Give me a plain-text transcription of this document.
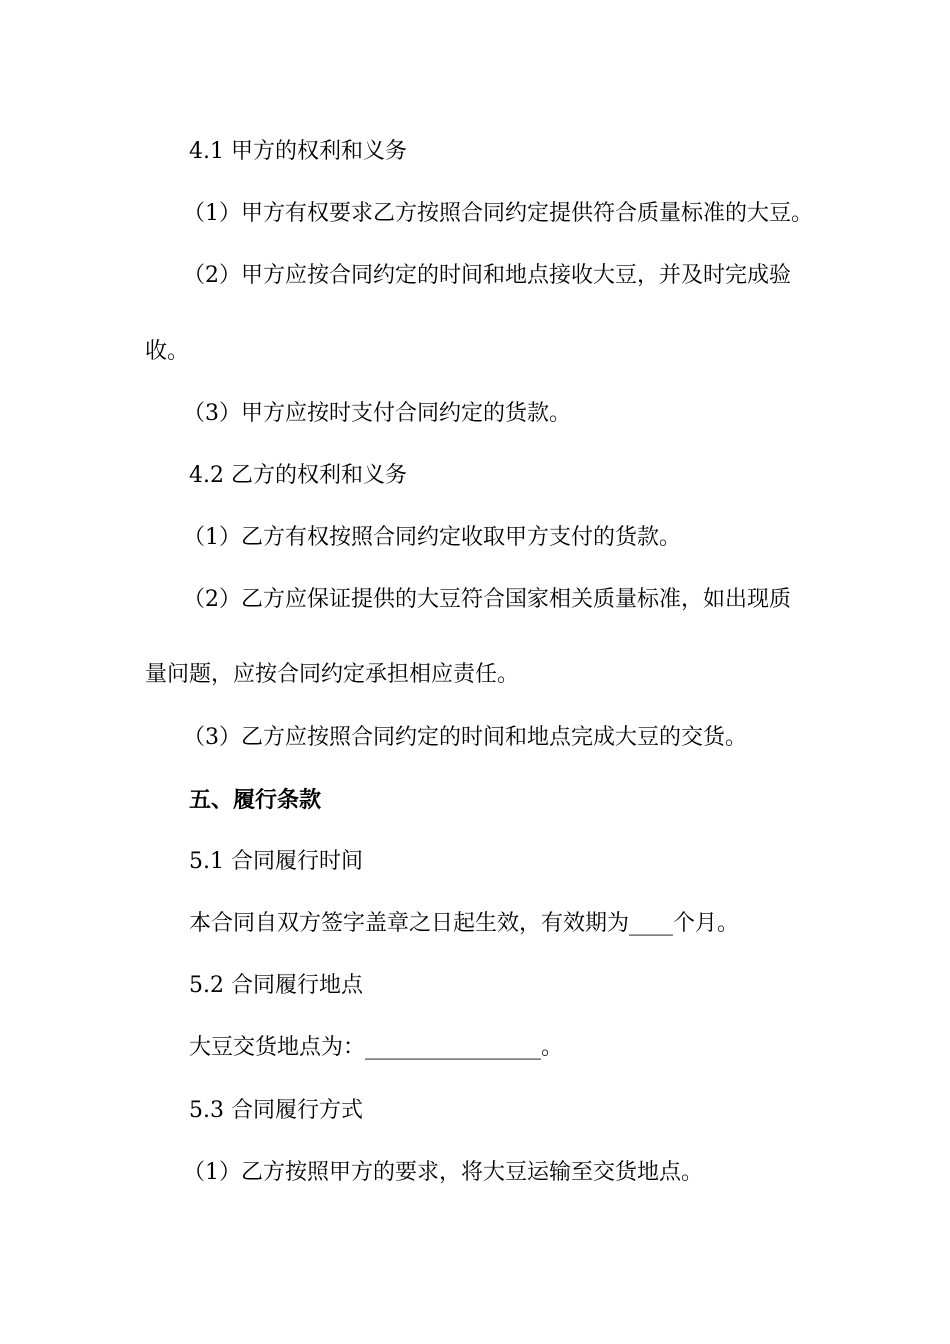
4.1 甲方的权利和义务
（1）甲方有权要求乙方按照合同约定提供符合质量标准的大豆。
（2）甲方应按合同约定的时间和地点接收大豆，并及时完成验
收。
（3）甲方应按时支付合同约定的货款。
4.2 乙方的权利和义务
（1）乙方有权按照合同约定收取甲方支付的货款。
（2）乙方应保证提供的大豆符合国家相关质量标准，如出现质
量问题，应按合同约定承担相应责任。
（3）乙方应按照合同约定的时间和地点完成大豆的交货。
五、履行条款
5.1 合同履行时间
本合同自双方签字盖章之日起生效，有效期为____个月。
5.2 合同履行地点
大豆交货地点为：________________。
5.3 合同履行方式
（1）乙方按照甲方的要求，将大豆运输至交货地点。
